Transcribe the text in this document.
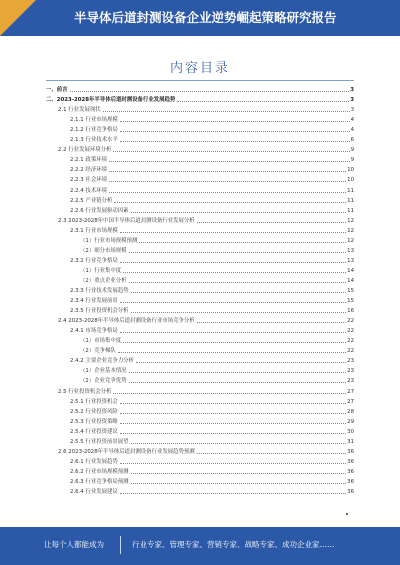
半导体后道封测设备企业逆势崛起策略研究报告
内容目录
一、前言	3
二、2023-2028年半导体后道封测设备行业发展趋势	3
2.1 行业发展现状	3
2.1.1 行业市场规模	4
2.1.2 行业竞争格局	4
2.1.3 行业技术水平	6
2.2 行业发展环境分析	9
2.2.1 政策环境	9
2.2.2 经济环境	10
2.2.3 社会环境	10
2.2.4 技术环境	11
2.2.5 产业链分析	11
2.2.6 行业发展驱动因素	11
2.3 2023-2028年中国半导体后道封测设备行业发展分析	12
2.3.1 行业市场规模	12
（1）行业市场规模预测	12
（2）细分市场规模	13
2.3.2 行业竞争格局	13
（1）行业集中度	14
（2）重点企业分析	14
2.3.3 行业技术发展趋势	15
2.3.4 行业发展前景	15
2.3.5 行业投资机会分析	16
2.4 2023-2028年半导体后道封测设备行业市场竞争分析	22
2.4.1 市场竞争格局	22
（1）市场集中度	22
（2）竞争梯队	22
2.4.2 主要企业竞争力分析	23
（1）企业基本情况	23
（2）企业竞争优势	23
2.5 行业投资机会分析	27
2.5.1 行业投资机会	27
2.5.2 行业投资风险	28
2.5.3 行业投资策略	29
2.5.4 行业投资建议	30
2.5.5 行业投资前景展望	31
2.6 2023-2028年半导体后道封测设备行业发展趋势预测	36
2.6.1 行业发展趋势	36
2.6.2 行业市场规模预测	36
2.6.3 行业竞争格局预测	36
2.6.4 行业发展建议	36
让每个人都能成为	行业专家、管理专家、营销专家、战略专家、成功企业家……
